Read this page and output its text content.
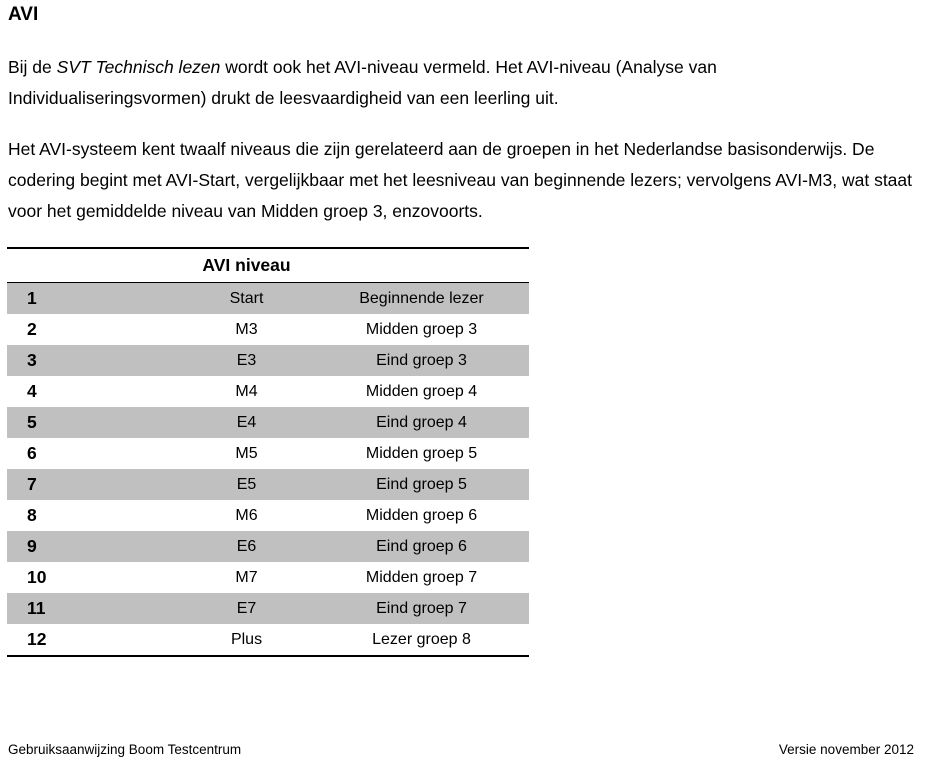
AVI

Bij de SVT Technisch lezen wordt ook het AVI-niveau vermeld. Het AVI-niveau (Analyse van Individualiseringsvormen) drukt de leesvaardigheid van een leerling uit.

Het AVI-systeem kent twaalf niveaus die zijn gerelateerd aan de groepen in het Nederlandse basisonderwijs. De codering begint met AVI-Start, vergelijkbaar met het leesniveau van beginnende lezers; vervolgens AVI-M3, wat staat voor het gemiddelde niveau van Midden groep 3, enzovoorts.

	AVI niveau	
1	Start	Beginnende lezer
2	M3	Midden groep 3
3	E3	Eind groep 3
4	M4	Midden groep 4
5	E4	Eind groep 4
6	M5	Midden groep 5
7	E5	Eind groep 5
8	M6	Midden groep 6
9	E6	Eind groep 6
10	M7	Midden groep 7
11	E7	Eind groep 7
12	Plus	Lezer groep 8

Gebruiksaanwijzing Boom Testcentrum	Versie november 2012
